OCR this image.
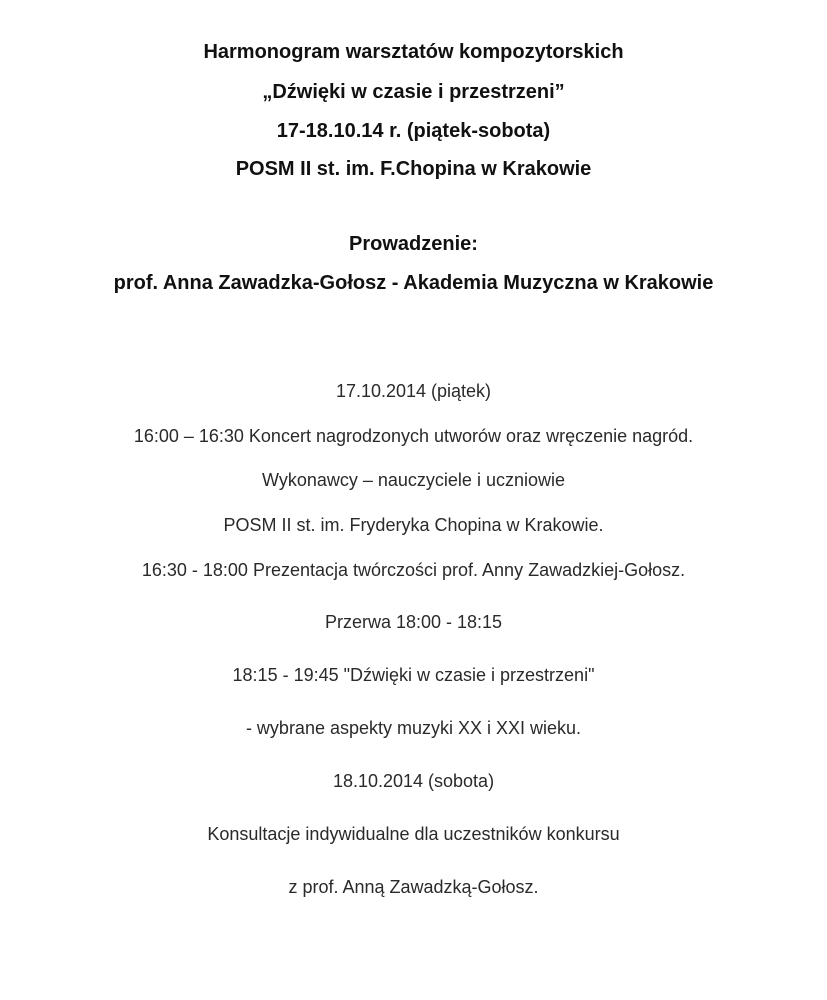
Harmonogram warsztatów kompozytorskich

„Dźwięki w czasie i przestrzeni”

17-18.10.14 r. (piątek-sobota)

POSM II st. im. F.Chopina w Krakowie

Prowadzenie:

prof. Anna Zawadzka-Gołosz - Akademia Muzyczna w Krakowie

17.10.2014 (piątek)

16:00 – 16:30 Koncert nagrodzonych utworów oraz wręczenie nagród.

Wykonawcy – nauczyciele i uczniowie

POSM II st. im. Fryderyka Chopina w Krakowie.

16:30 - 18:00 Prezentacja twórczości prof. Anny Zawadzkiej-Gołosz.

Przerwa 18:00 - 18:15

18:15 - 19:45 "Dźwięki w czasie i przestrzeni"

- wybrane aspekty muzyki XX i XXI wieku.

18.10.2014 (sobota)

Konsultacje indywidualne dla uczestników konkursu

z prof. Anną Zawadzką-Gołosz.
